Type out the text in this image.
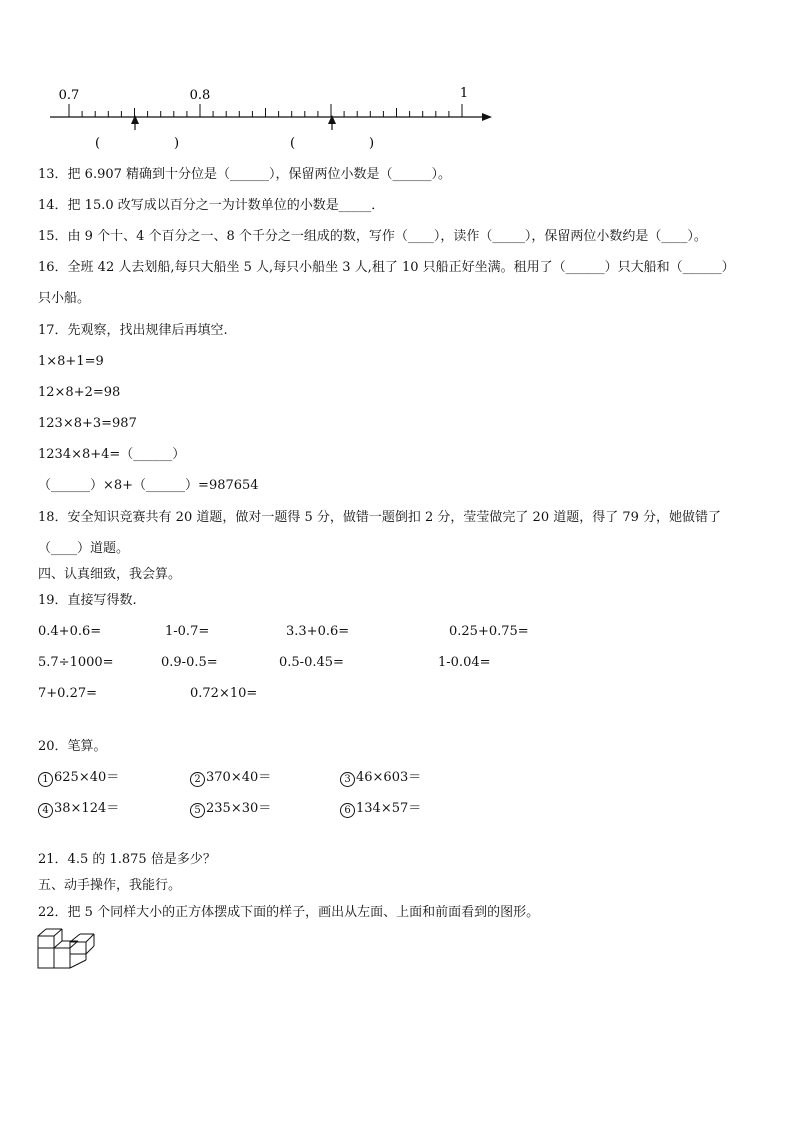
0.7	0.8	1
(	)	(	)
13．把 6.907 精确到十分位是（______），保留两位小数是（______）。
14．把 15.0 改写成以百分之一为计数单位的小数是_____．
15．由 9 个十、4 个百分之一、8 个千分之一组成的数，写作（____），读作（_____），保留两位小数约是（____）。
16．全班 42 人去划船,每只大船坐 5 人,每只小船坐 3 人,租了 10 只船正好坐满。租用了（______）只大船和（______）
只小船。
17．先观察，找出规律后再填空.
1×8+1=9
12×8+2=98
123×8+3=987
1234×8+4=（______）
（______）×8+（______）=987654
18．安全知识竞赛共有 20 道题，做对一题得 5 分，做错一题倒扣 2 分，莹莹做完了 20 道题，得了 79 分，她做错了
（____）道题。
四、认真细致，我会算。
19．直接写得数.
0.4+0.6=	1-0.7=	3.3+0.6=	0.25+0.75=
5.7÷1000=	0.9-0.5=	0.5-0.45=	1-0.04=
7+0.27=	0.72×10=
20．笔算。
1 625×40＝	2 370×40＝	3 46×603＝
4 38×124＝	5 235×30＝	6 134×57＝
21．4.5 的 1.875 倍是多少？
五、动手操作，我能行。
22．把 5 个同样大小的正方体摆成下面的样子，画出从左面、上面和前面看到的图形。
